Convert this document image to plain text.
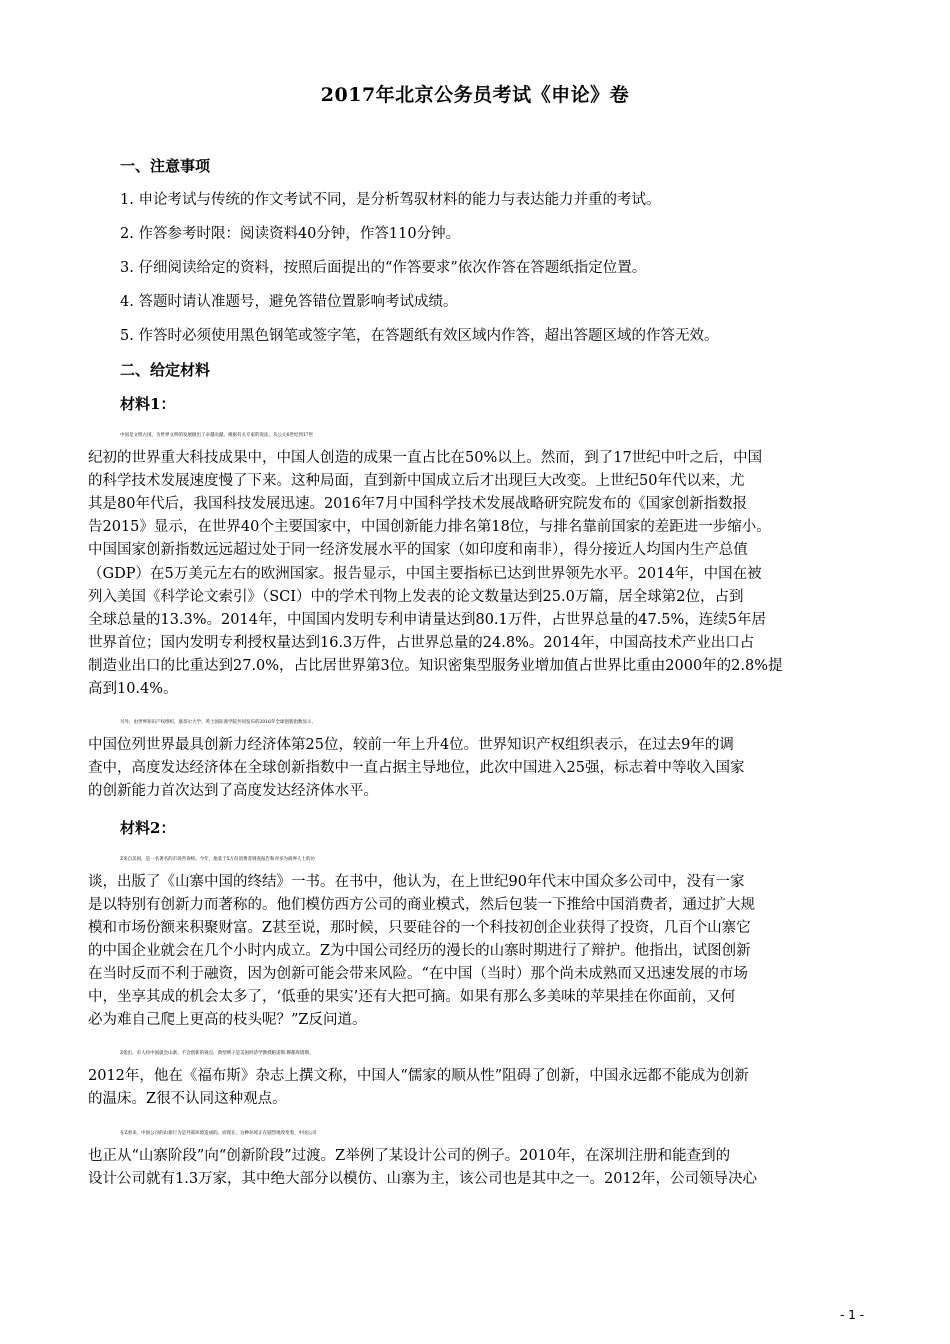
2017年北京公务员考试《申论》卷
一、注意事项
1. 申论考试与传统的作文考试不同，是分析驾驭材料的能力与表达能力并重的考试。
2. 作答参考时限：阅读资料40分钟，作答110分钟。
3. 仔细阅读给定的资料，按照后面提出的“作答要求”依次作答在答题纸指定位置。
4. 答题时请认准题号，避免答错位置影响考试成绩。
5. 作答时必须使用黑色钢笔或签字笔，在答题纸有效区域内作答，超出答题区域的作答无效。
二、给定材料
材料1：
中国是文明古国，为世界文明的发展做出了卓越贡献。根据有关专家的说法，从公元6世纪到17世
纪初的世界重大科技成果中，中国人创造的成果一直占比在50%以上。然而，到了17世纪中叶之后，中国
的科学技术发展速度慢了下来。这种局面，直到新中国成立后才出现巨大改变。上世纪50年代以来，尤
其是80年代后，我国科技发展迅速。2016年7月中国科学技术发展战略研究院发布的《国家创新指数报
告2015》显示，在世界40个主要国家中，中国创新能力排名第18位，与排名靠前国家的差距进一步缩小。
中国国家创新指数远远超过处于同一经济发展水平的国家（如印度和南非），得分接近人均国内生产总值
（GDP）在5万美元左右的欧洲国家。报告显示，中国主要指标已达到世界领先水平。2014年，中国在被
列入美国《科学论文索引》（SCI）中的学术刊物上发表的论文数量达到25.0万篇，居全球第2位，占到
全球总量的13.3%。2014年，中国国内发明专利申请量达到80.1万件，占世界总量的47.5%，连续5年居
世界首位；国内发明专利授权量达到16.3万件，占世界总量的24.8%。2014年，中国高技术产业出口占
制造业出口的比重达到27.0%，占比居世界第3位。知识密集型服务业增加值占世界比重由2000年的2.8%提
高到10.4%。
另外，由世界知识产权组织、康奈尔大学、英士国际商学院共同发布的2016年全球创新指数显示，
中国位列世界最具创新力经济体第25位，较前一年上升4位。世界知识产权组织表示，在过去9年的调
查中，高度发达经济体在全球创新指数中一直占据主导地位，此次中国进入25强，标志着中等收入国家
的创新能力首次达到了高度发达经济体水平。
材料2：
Z来自美国，是一名著名的市场咨询师。今年，他基于5万份消费者调查报告和对多为商界人士的访
谈，出版了《山寨中国的终结》一书。在书中，他认为，在上世纪90年代末中国众多公司中，没有一家
是以特别有创新力而著称的。他们模仿西方公司的商业模式，然后包装一下推给中国消费者，通过扩大规
模和市场份额来积聚财富。Z甚至说，那时候，只要硅谷的一个科技初创企业获得了投资，几百个山寨它
的中国企业就会在几个小时内成立。Z为中国公司经历的漫长的山寨时期进行了辩护。他指出，试图创新
在当时反而不利于融资，因为创新可能会带来风险。“在中国（当时）那个尚未成熟而又迅速发展的市场
中，坐享其成的机会太多了，‘低垂的果实’还有大把可摘。如果有那么多美味的苹果挂在你面前，又何
必为难自己爬上更高的枝头呢？”Z反问道。
Z指出，有人持中国就会山寨、不会创新的观点，典型例子是美国经济学教授帕诺斯.穆都库塔斯。
2012年，他在《福布斯》杂志上撰文称，中国人“儒家的顺从性”阻碍了创新，中国永远都不能成为创新
的温床。Z很不认同这种观点。
在Z看来，中国公司的山寨行为是外部环境造成的。而现在，这种环境正在剧烈地改变着，中国公司
也正从“山寨阶段”向“创新阶段”过渡。Z举例了某设计公司的例子。2010年，在深圳注册和能查到的
设计公司就有1.3万家，其中绝大部分以模仿、山寨为主，该公司也是其中之一。2012年，公司领导决心
- 1 -
